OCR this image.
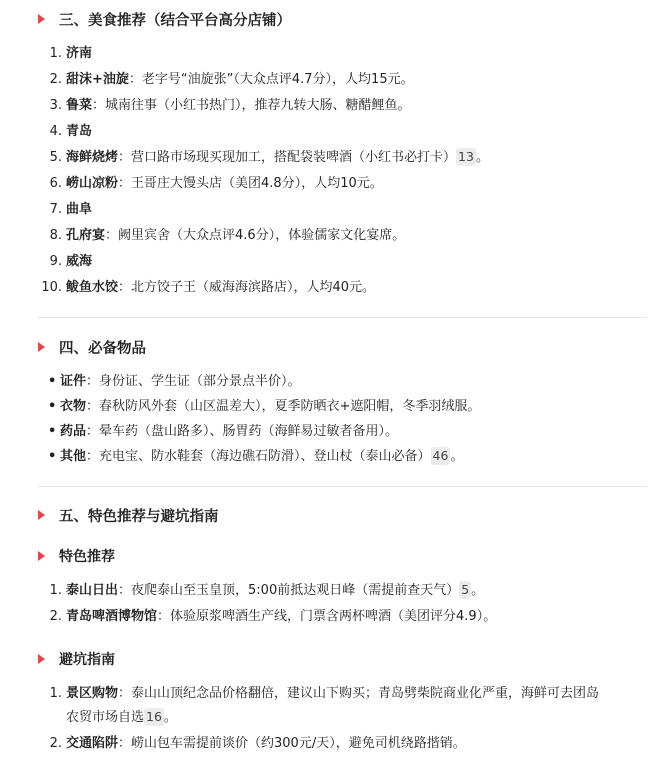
三、美食推荐（结合平台高分店铺）
1. 济南
2. 甜沫+油旋：老字号“油旋张”（大众点评4.7分），人均15元。
3. 鲁菜：城南往事（小红书热门），推荐九转大肠、糖醋鲤鱼。
4. 青岛
5. 海鲜烧烤：营口路市场现买现加工，搭配袋装啤酒（小红书必打卡） 13 。
6. 崂山凉粉：王哥庄大馒头店（美团4.8分），人均10元。
7. 曲阜
8. 孔府宴：阙里宾舍（大众点评4.6分），体验儒家文化宴席。
9. 威海
10. 鲅鱼水饺：北方饺子王（威海海滨路店），人均40元。
四、必备物品
• 证件：身份证、学生证（部分景点半价）。
• 衣物：春秋防风外套（山区温差大），夏季防晒衣+遮阳帽，冬季羽绒服。
• 药品：晕车药（盘山路多）、肠胃药（海鲜易过敏者备用）。
• 其他：充电宝、防水鞋套（海边礁石防滑）、登山杖（泰山必备） 46 。
五、特色推荐与避坑指南
特色推荐
1. 泰山日出：夜爬泰山至玉皇顶，5:00前抵达观日峰（需提前查天气） 5 。
2. 青岛啤酒博物馆：体验原浆啤酒生产线，门票含两杯啤酒（美团评分4.9）。
避坑指南
1. 景区购物：泰山山顶纪念品价格翻倍，建议山下购买；青岛劈柴院商业化严重，海鲜可去团岛
农贸市场自选 16 。
2. 交通陷阱：崂山包车需提前谈价（约300元/天），避免司机绕路揩销。
